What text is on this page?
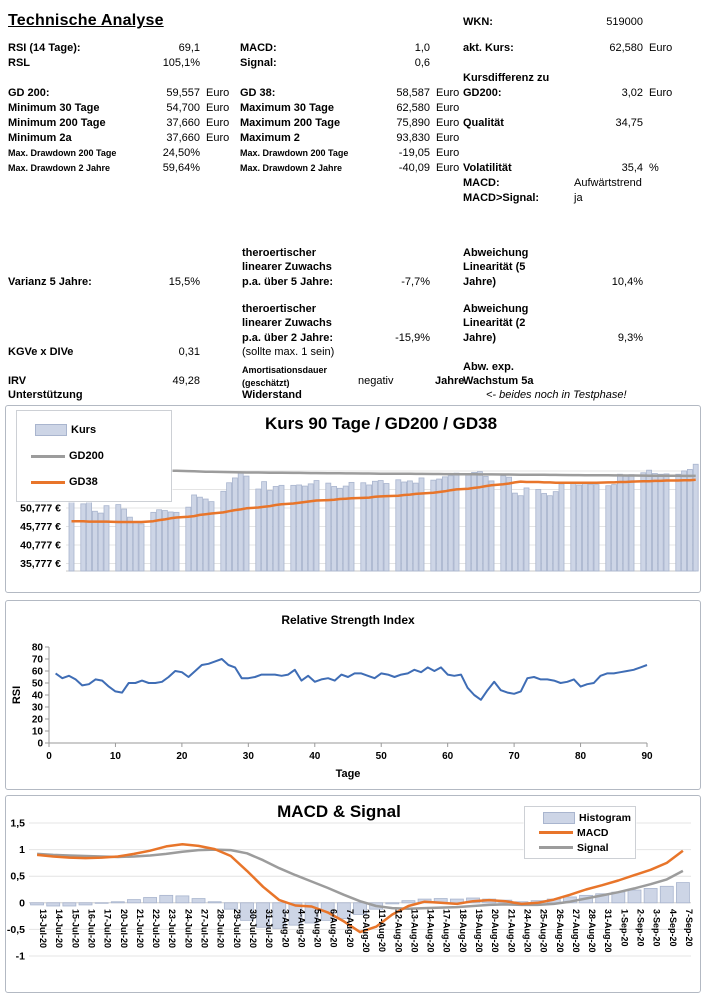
Technische Analyse
RSI (14 Tage):	69,1
RSL	105,1%
GD 200:	59,557 Euro
Minimum 30 Tage	54,700 Euro
Minimum 200 Tage	37,660 Euro
Minimum 2a	37,660 Euro
Max. Drawdown 200 Tage	24,50%
Max. Drawdown 2 Jahre	59,64%
MACD:	1,0
Signal:	0,6
GD 38:	58,587 Euro
Maximum 30 Tage	62,580 Euro
Maximum 200 Tage	75,890 Euro
Maximum 2	93,830 Euro
Max. Drawdown 200 Tage	-19,05 Euro
Max. Drawdown 2 Jahre	-40,09 Euro
WKN:	519000
akt. Kurs:	62,580 Euro
Kursdifferenz zu
GD200:	3,02 Euro
Qualität	34,75
Volatilität	35,4 %
MACD:	Aufwärtstrend
MACD>Signal:	ja
Varianz 5 Jahre:	15,5%
theroertischer
linearer Zuwachs
p.a. über 5 Jahre:	-7,7%
Abweichung
Linearität (5
Jahre)	10,4%
theroertischer
linearer Zuwachs
p.a. über 2 Jahre:	-15,9%
(sollte max. 1 sein)
Abweichung
Linearität (2
Jahre)	9,3%
KGVe x DIVe	0,31
IRV	49,28
Amortisationsdauer
(geschätzt)	negativ	Jahre
Abw. exp.
Wachstum 5a
Unterstützung	Widerstand	<- beides noch in Testphase!
Kurs 90 Tage / GD200 / GD38
50,777 €
45,777 €
40,777 €
35,777 €
Kurs
GD200
GD38
Relative Strength Index
0
10
20
30
40
50
60
70
80
0	10	20	30	40	50	60	70	80	90
RSI
Tage
MACD & Signal
1,5
1
0,5
0
-0,5
-1
13-Jul-20 14-Jul-20 15-Jul-20 16-Jul-20 17-Jul-20 20-Jul-20 21-Jul-20 22-Jul-20 23-Jul-20 24-Jul-20 27-Jul-20 28-Jul-20 29-Jul-20 30-Jul-20 31-Jul-20 3-Aug-20 4-Aug-20 5-Aug-20 6-Aug-20 7-Aug-20 10-Aug-20 11-Aug-20 12-Aug-20 13-Aug-20 14-Aug-20 17-Aug-20 18-Aug-20 19-Aug-20 20-Aug-20 21-Aug-20 24-Aug-20 25-Aug-20 26-Aug-20 27-Aug-20 28-Aug-20 31-Aug-20 1-Sep-20 2-Sep-20 3-Sep-20 4-Sep-20 7-Sep-20
Histogram
MACD
Signal
